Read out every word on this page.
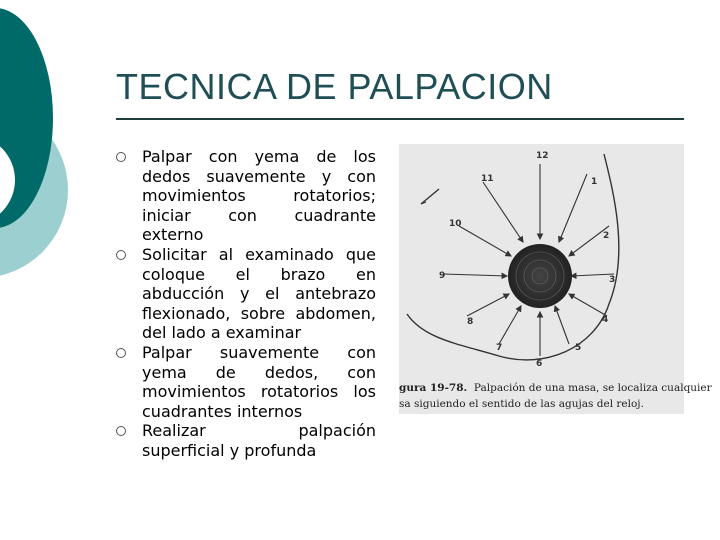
TECNICA DE PALPACION
Palpar con yema de los dedos suavemente y con movimientos rotatorios; iniciar con cuadrante externo
Solicitar al examinado que coloque el brazo en abducción y el antebrazo flexionado, sobre abdomen, del lado a examinar
Palpar suavemente con yema de dedos, con movimientos rotatorios los cuadrantes internos
Realizar palpación superficial y profunda
12
1
2
3
4
5
6
7
8
9
10
11
gura 19-78. Palpación de una masa, se localiza cualquier
sa siguiendo el sentido de las agujas del reloj.
